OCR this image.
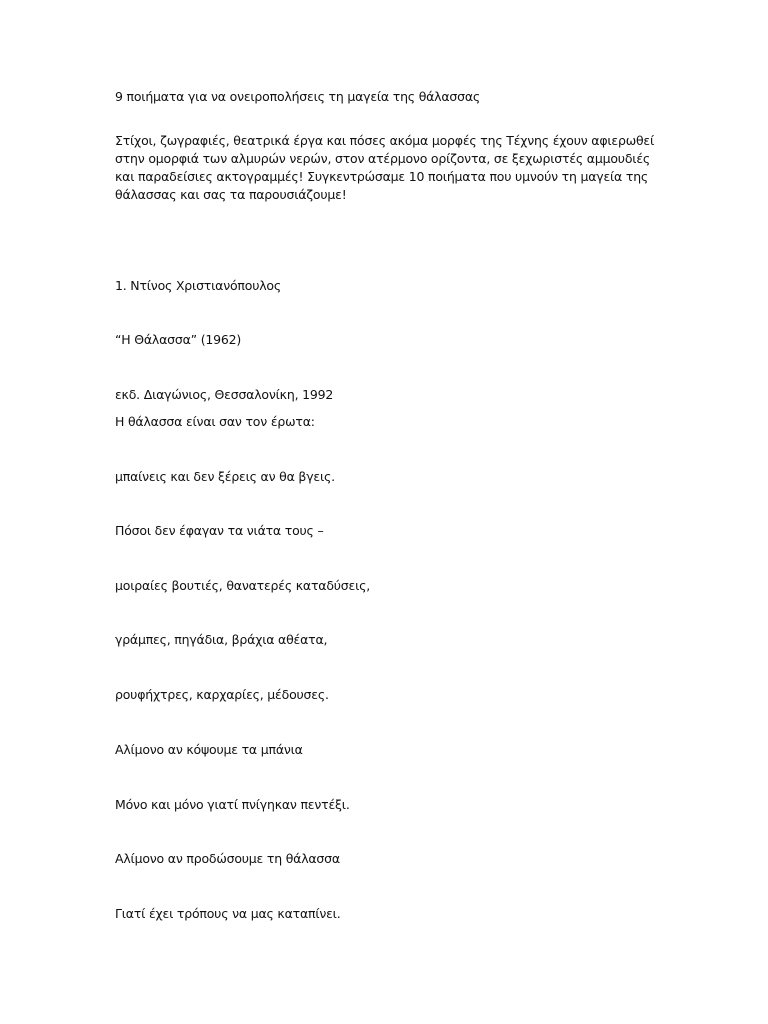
9 ποιήματα για να ονειροπολήσεις τη μαγεία της θάλασσας
Στίχοι, ζωγραφιές, θεατρικά έργα και πόσες ακόμα μορφές της Τέχνης έχουν αφιερωθεί στην ομορφιά των αλμυρών νερών, στον ατέρμονο ορίζοντα, σε ξεχωριστές αμμουδιές και παραδείσιες ακτογραμμές! Συγκεντρώσαμε 10 ποιήματα που υμνούν τη μαγεία της θάλασσας και σας τα παρουσιάζουμε!
1. Ντίνος Χριστιανόπουλος
“Η Θάλασσα” (1962)
εκδ. Διαγώνιος, Θεσσαλονίκη, 1992
Η θάλασσα είναι σαν τον έρωτα:
μπαίνεις και δεν ξέρεις αν θα βγεις.
Πόσοι δεν έφαγαν τα νιάτα τους –
μοιραίες βουτιές, θανατερές καταδύσεις,
γράμπες, πηγάδια, βράχια αθέατα,
ρουφήχτρες, καρχαρίες, μέδουσες.
Αλίμονο αν κόψουμε τα μπάνια
Μόνο και μόνο γιατί πνίγηκαν πεντέξι.
Αλίμονο αν προδώσουμε τη θάλασσα
Γιατί έχει τρόπους να μας καταπίνει.
